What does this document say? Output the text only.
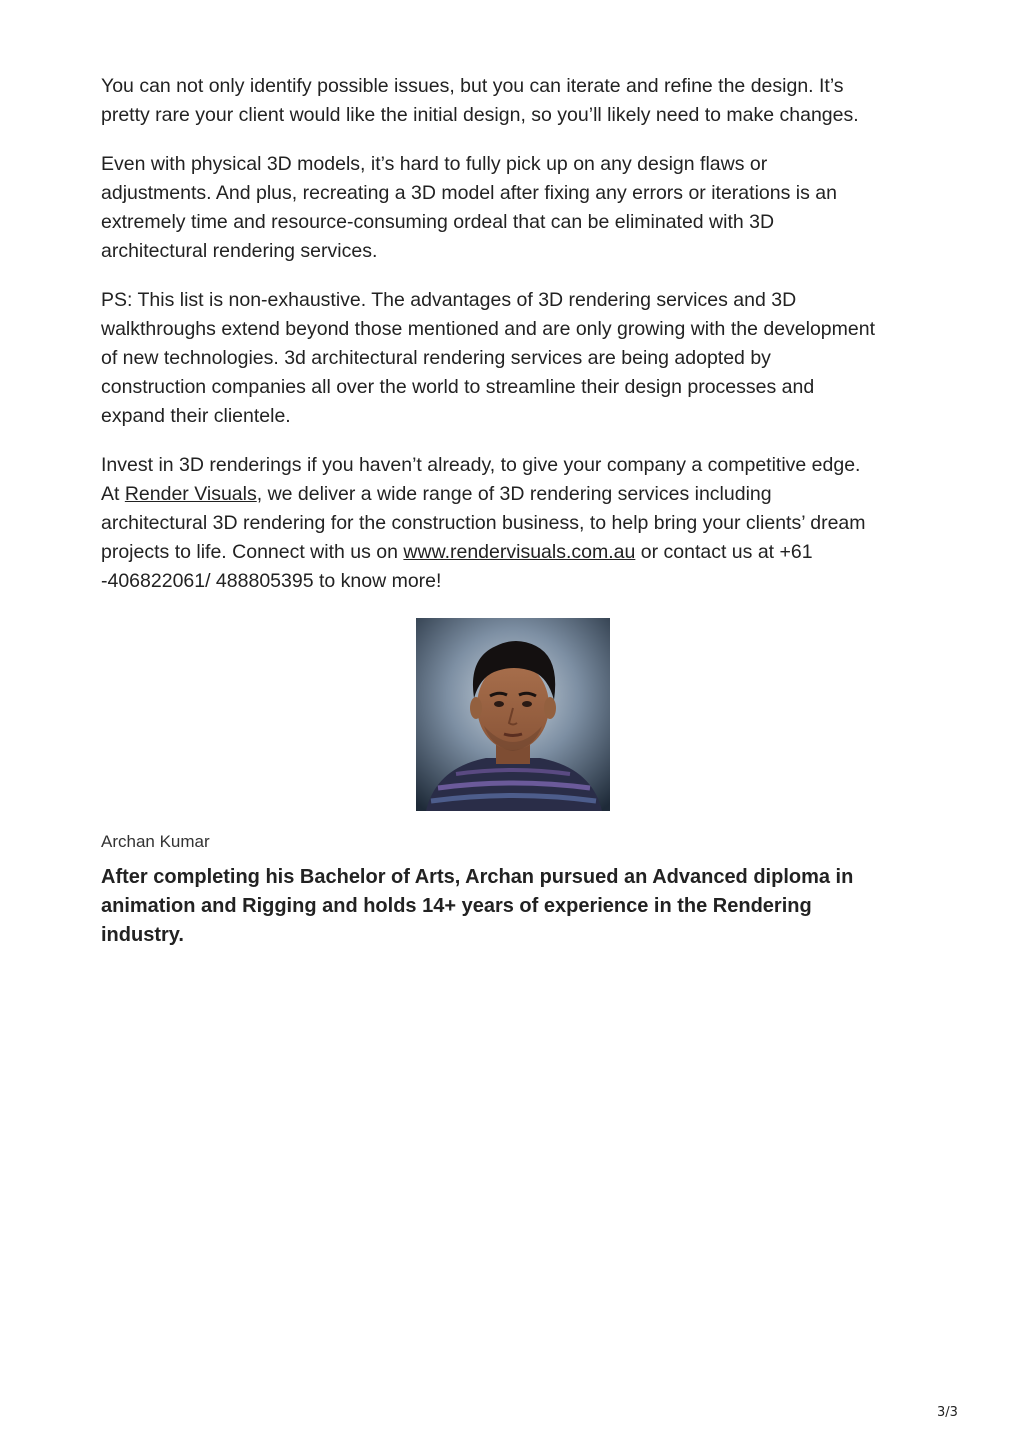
You can not only identify possible issues, but you can iterate and refine the design. It’s
pretty rare your client would like the initial design, so you’ll likely need to make changes.

Even with physical 3D models, it’s hard to fully pick up on any design flaws or
adjustments. And plus, recreating a 3D model after fixing any errors or iterations is an
extremely time and resource-consuming ordeal that can be eliminated with 3D
architectural rendering services.

PS: This list is non-exhaustive. The advantages of 3D rendering services and 3D
walkthroughs extend beyond those mentioned and are only growing with the development
of new technologies. 3d architectural rendering services are being adopted by
construction companies all over the world to streamline their design processes and
expand their clientele.

Invest in 3D renderings if you haven’t already, to give your company a competitive edge.
At Render Visuals, we deliver a wide range of 3D rendering services including
architectural 3D rendering for the construction business, to help bring your clients’ dream
projects to life. Connect with us on www.rendervisuals.com.au or contact us at +61
-406822061/ 488805395 to know more!

Archan Kumar
After completing his Bachelor of Arts, Archan pursued an Advanced diploma in
animation and Rigging and holds 14+ years of experience in the Rendering
industry.
3/3
